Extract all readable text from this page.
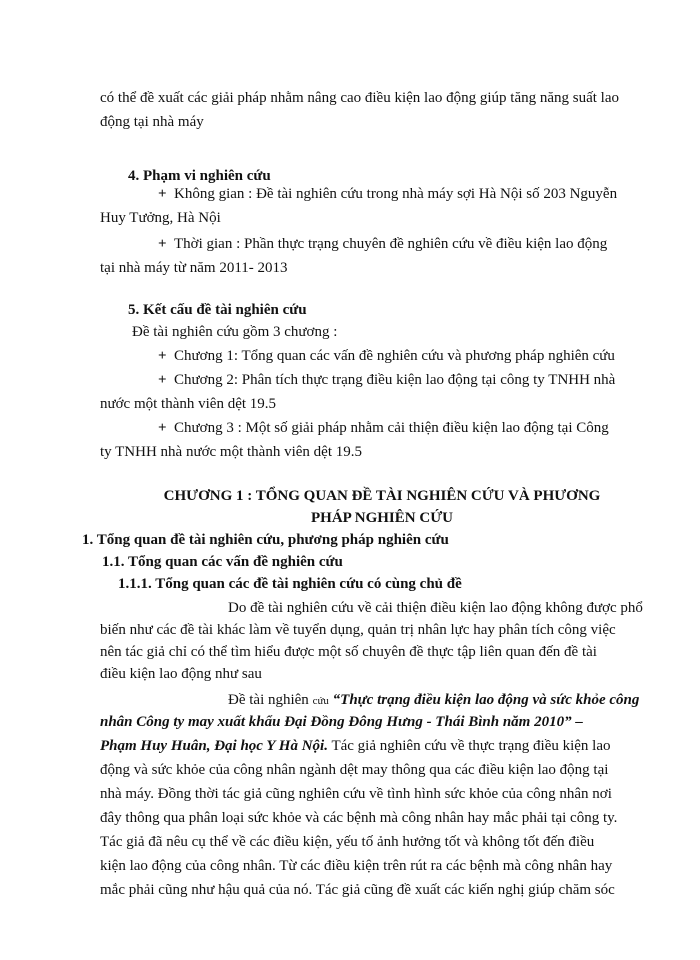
có thể đề xuất các giải pháp nhằm nâng cao điều kiện lao động giúp tăng năng suất lao
động tại nhà máy
4. Phạm vi nghiên cứu
+ Không gian : Đề tài nghiên cứu trong nhà máy sợi Hà Nội số 203 Nguyễn
Huy Tưởng, Hà Nội
+ Thời gian : Phần thực trạng chuyên đề nghiên cứu về điều kiện lao động
tại nhà máy từ năm 2011- 2013
5. Kết cấu đề tài nghiên cứu
Đề tài nghiên cứu gồm 3 chương :
+ Chương 1: Tổng quan các vấn đề nghiên cứu và phương pháp nghiên cứu
+ Chương 2: Phân tích thực trạng điều kiện lao động tại công ty TNHH nhà
nước một thành viên dệt 19.5
+ Chương 3 : Một số giải pháp nhằm cải thiện điều kiện lao động tại Công
ty TNHH nhà nước một thành viên dệt 19.5
CHƯƠNG 1 : TỔNG QUAN ĐỀ TÀI NGHIÊN CỨU VÀ PHƯƠNG
PHÁP NGHIÊN CỨU
1. Tổng quan đề tài nghiên cứu, phương pháp nghiên cứu
1.1. Tổng quan các vấn đề nghiên cứu
1.1.1. Tổng quan các đề tài nghiên cứu có cùng chủ đề
Do đề tài nghiên cứu về cải thiện điều kiện lao động không được phổ
biến như các đề tài khác làm về tuyển dụng, quản trị nhân lực hay phân tích công việc
nên tác giả chỉ có thể tìm hiểu được một số chuyên đề thực tập liên quan đến đề tài
điều kiện lao động như sau
Đề tài nghiên cứu “Thực trạng điều kiện lao động và sức khỏe công
nhân Công ty may xuất khẩu Đại Đồng Đông Hưng - Thái Bình năm 2010” –
Phạm Huy Huân, Đại học Y Hà Nội. Tác giả nghiên cứu về thực trạng điều kiện lao
động và sức khỏe của công nhân ngành dệt may thông qua các điều kiện lao động tại
nhà máy. Đồng thời tác giả cũng nghiên cứu về tình hình sức khỏe của công nhân nơi
đây thông qua phân loại sức khỏe và các bệnh mà công nhân hay mắc phải tại công ty.
Tác giả đã nêu cụ thể về các điều kiện, yếu tố ảnh hưởng tốt và không tốt đến điều
kiện lao động của công nhân. Từ các điều kiện trên rút ra các bệnh mà công nhân hay
mắc phải cũng như hậu quả của nó. Tác giả cũng đề xuất các kiến nghị giúp chăm sóc
